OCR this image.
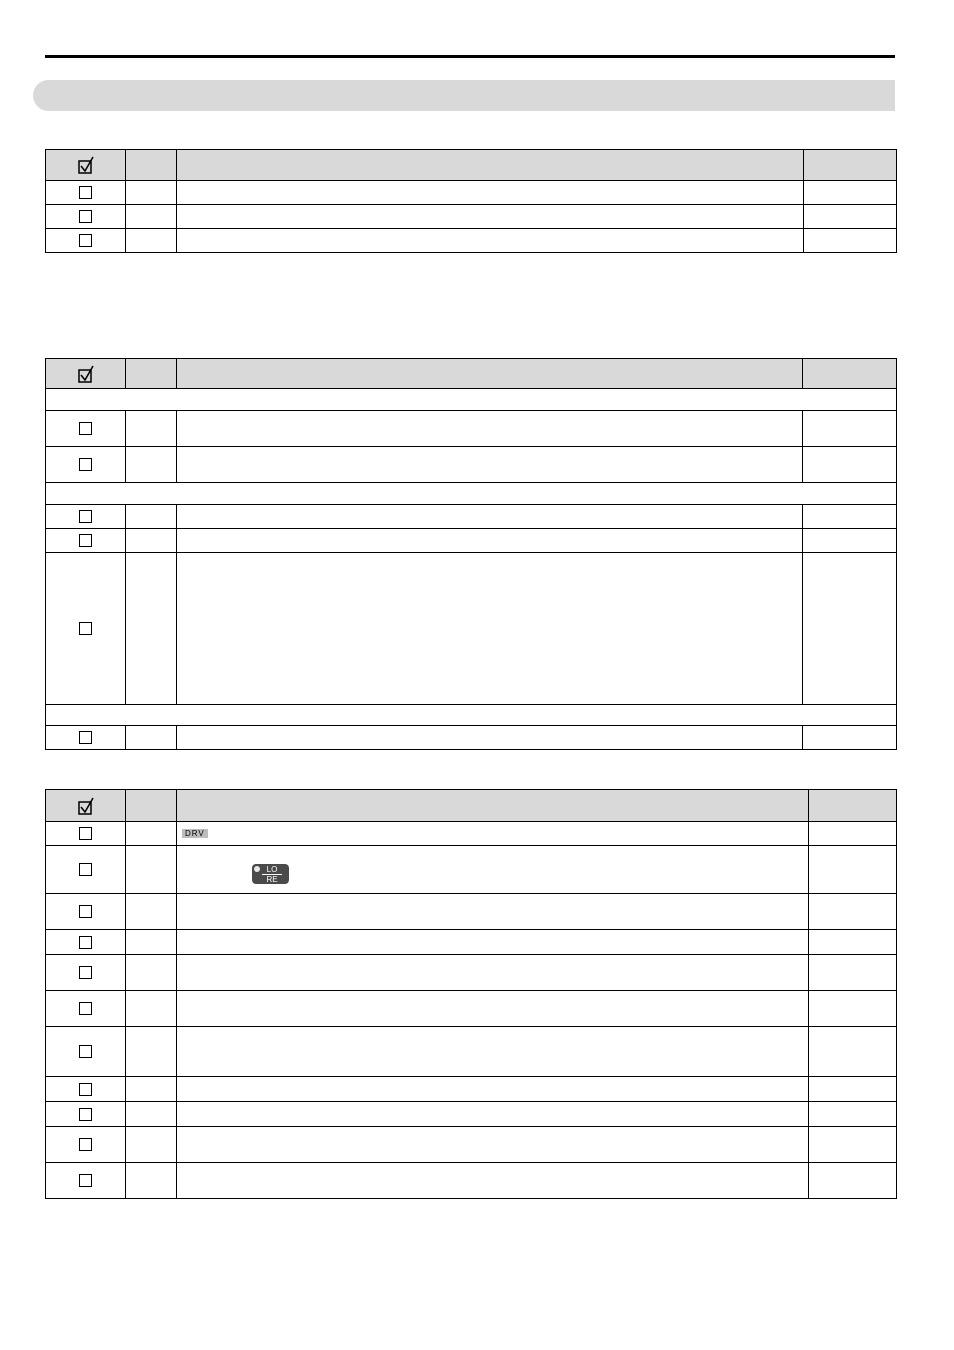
		DRV	

		$\frac{LO}{RE}$
